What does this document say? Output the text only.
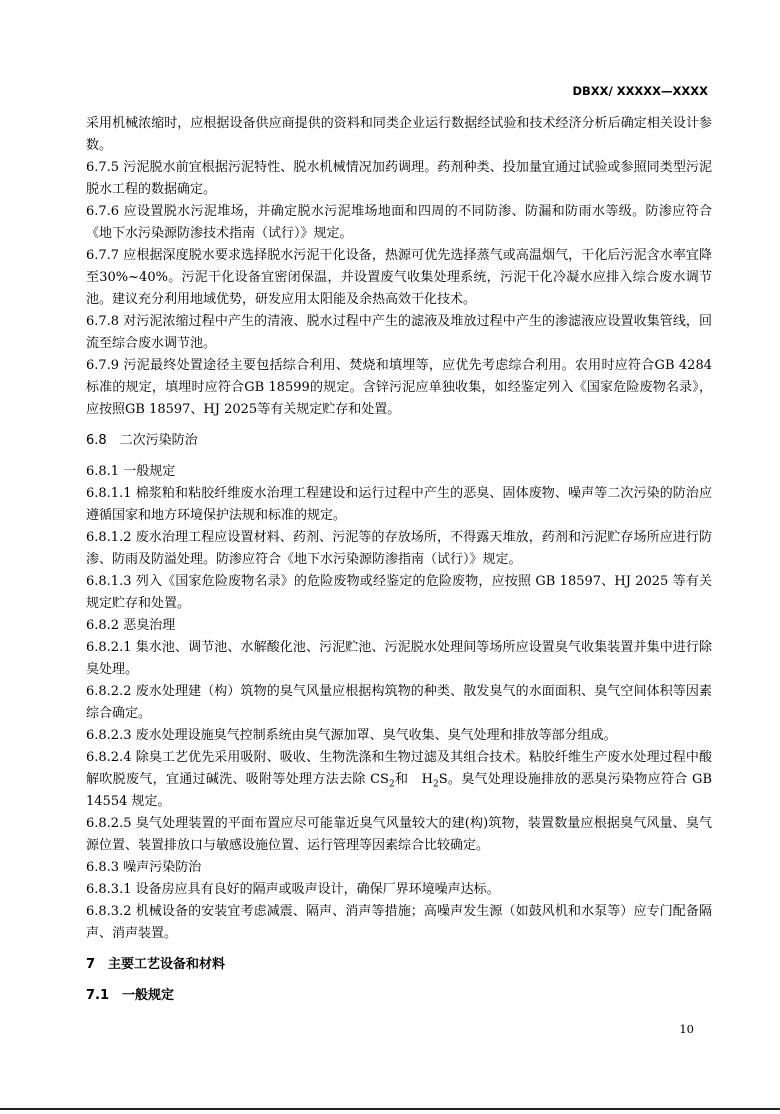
DBXX/ XXXXX—XXXX

采用机械浓缩时，应根据设备供应商提供的资料和同类企业运行数据经试验和技术经济分析后确定相关设计参数。

6.7.5 污泥脱水前宜根据污泥特性、脱水机械情况加药调理。药剂种类、投加量宜通过试验或参照同类型污泥脱水工程的数据确定。

6.7.6 应设置脱水污泥堆场，并确定脱水污泥堆场地面和四周的不同防渗、防漏和防雨水等级。防渗应符合《地下水污染源防渗技术指南（试行）》规定。

6.7.7 应根据深度脱水要求选择脱水污泥干化设备，热源可优先选择蒸气或高温烟气，干化后污泥含水率宜降至30%~40%。污泥干化设备宜密闭保温，并设置废气收集处理系统，污泥干化冷凝水应排入综合废水调节池。建议充分利用地域优势，研发应用太阳能及余热高效干化技术。

6.7.8 对污泥浓缩过程中产生的清液、脱水过程中产生的滤液及堆放过程中产生的渗滤液应设置收集管线，回流至综合废水调节池。

6.7.9 污泥最终处置途径主要包括综合利用、焚烧和填埋等，应优先考虑综合利用。农用时应符合GB 4284标准的规定，填埋时应符合GB 18599的规定。含锌污泥应单独收集，如经鉴定列入《国家危险废物名录》，应按照GB 18597、HJ 2025等有关规定贮存和处置。

6.8　二次污染防治

6.8.1 一般规定

6.8.1.1 棉浆粕和粘胶纤维废水治理工程建设和运行过程中产生的恶臭、固体废物、噪声等二次污染的防治应遵循国家和地方环境保护法规和标准的规定。

6.8.1.2 废水治理工程应设置材料、药剂、污泥等的存放场所，不得露天堆放，药剂和污泥贮存场所应进行防渗、防雨及防溢处理。防渗应符合《地下水污染源防渗指南（试行）》规定。

6.8.1.3 列入《国家危险废物名录》的危险废物或经鉴定的危险废物，应按照 GB 18597、HJ 2025 等有关规定贮存和处置。

6.8.2 恶臭治理

6.8.2.1 集水池、调节池、水解酸化池、污泥贮池、污泥脱水处理间等场所应设置臭气收集装置并集中进行除臭处理。

6.8.2.2 废水处理建（构）筑物的臭气风量应根据构筑物的种类、散发臭气的水面面积、臭气空间体积等因素综合确定。

6.8.2.3 废水处理设施臭气控制系统由臭气源加罩、臭气收集、臭气处理和排放等部分组成。

6.8.2.4 除臭工艺优先采用吸附、吸收、生物洗涤和生物过滤及其组合技术。粘胶纤维生产废水处理过程中酸解吹脱废气，宜通过碱洗、吸附等处理方法去除 $CS_2$和　$H_2S$。臭气处理设施排放的恶臭污染物应符合 GB 14554 规定。

6.8.2.5 臭气处理装置的平面布置应尽可能靠近臭气风量较大的建(构)筑物，装置数量应根据臭气风量、臭气源位置、装置排放口与敏感设施位置、运行管理等因素综合比较确定。

6.8.3 噪声污染防治

6.8.3.1 设备房应具有良好的隔声或吸声设计，确保厂界环境噪声达标。

6.8.3.2 机械设备的安装宜考虑减震、隔声、消声等措施；高噪声发生源（如鼓风机和水泵等）应专门配备隔声、消声装置。

7　主要工艺设备和材料
7.1　一般规定
10
